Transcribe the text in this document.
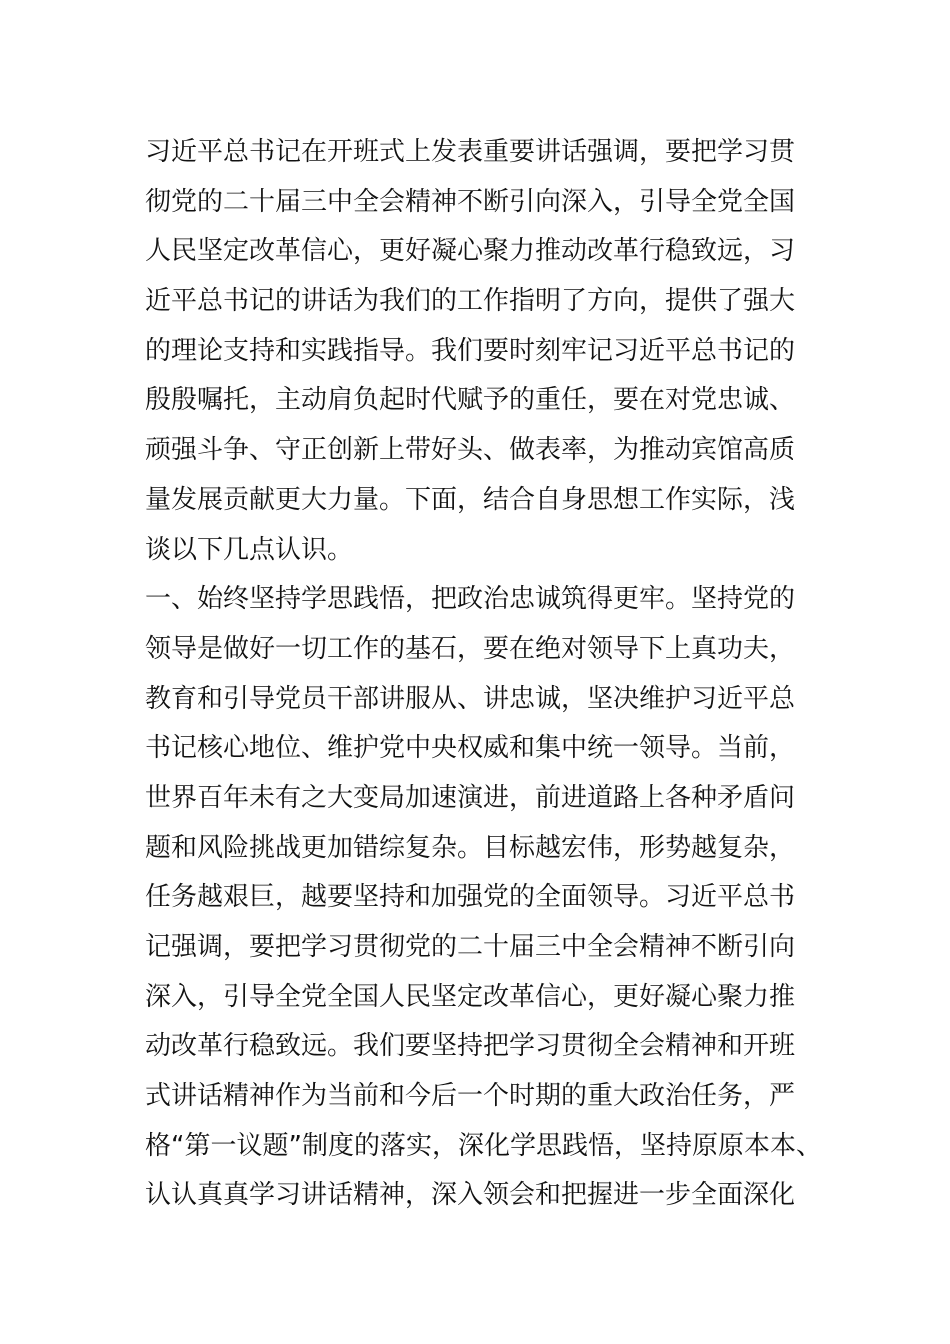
习近平总书记在开班式上发表重要讲话强调，要把学习贯
彻党的二十届三中全会精神不断引向深入，引导全党全国
人民坚定改革信心，更好凝心聚力推动改革行稳致远，习
近平总书记的讲话为我们的工作指明了方向，提供了强大
的理论支持和实践指导。我们要时刻牢记习近平总书记的
殷殷嘱托，主动肩负起时代赋予的重任，要在对党忠诚、
顽强斗争、守正创新上带好头、做表率，为推动宾馆高质
量发展贡献更大力量。下面，结合自身思想工作实际，浅
谈以下几点认识。
一、始终坚持学思践悟，把政治忠诚筑得更牢。坚持党的
领导是做好一切工作的基石，要在绝对领导下上真功夫，
教育和引导党员干部讲服从、讲忠诚，坚决维护习近平总
书记核心地位、维护党中央权威和集中统一领导。当前，
世界百年未有之大变局加速演进，前进道路上各种矛盾问
题和风险挑战更加错综复杂。目标越宏伟，形势越复杂，
任务越艰巨，越要坚持和加强党的全面领导。习近平总书
记强调，要把学习贯彻党的二十届三中全会精神不断引向
深入，引导全党全国人民坚定改革信心，更好凝心聚力推
动改革行稳致远。我们要坚持把学习贯彻全会精神和开班
式讲话精神作为当前和今后一个时期的重大政治任务，严
格“第一议题”制度的落实，深化学思践悟，坚持原原本本、
认认真真学习讲话精神，深入领会和把握进一步全面深化
